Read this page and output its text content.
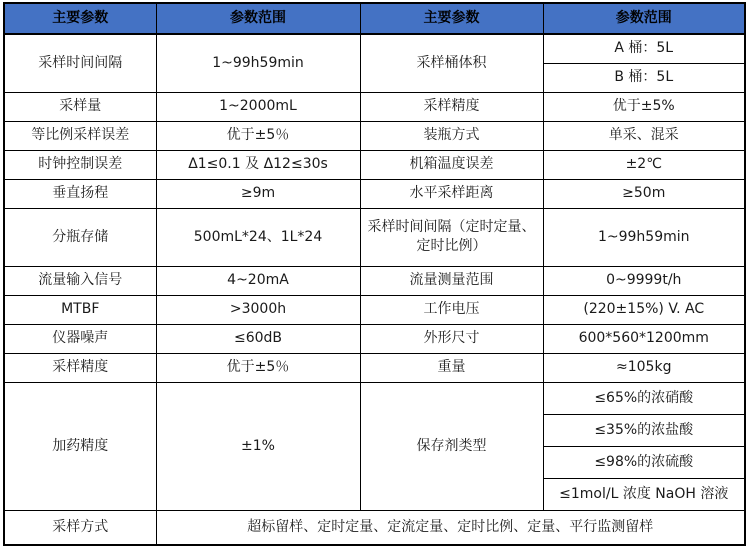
主要参数	参数范围	主要参数	参数范围
采样时间间隔	1~99h59min	采样桶体积	A 桶：5L
			B 桶：5L
采样量	1~2000mL	采样精度	优于±5%
等比例采样误差	优于±5％	装瓶方式	单采、混采
时钟控制误差	Δ1≤0.1 及 Δ12≤30s	机箱温度误差	±2℃
垂直扬程	≥9m	水平采样距离	≥50m
分瓶存储	500mL*24、1L*24	采样时间间隔（定时定量、定时比例）	1~99h59min
流量输入信号	4~20mA	流量测量范围	0~9999t/h
MTBF	>3000h	工作电压	(220±15%) V. AC
仪器噪声	≤60dB	外形尺寸	600*560*1200mm
采样精度	优于±5％	重量	≈105kg
加药精度	±1%	保存剂类型	≤65%的浓硝酸
			≤35%的浓盐酸
			≤98%的浓硫酸
			≤1mol/L 浓度 NaOH 溶液
采样方式	超标留样、定时定量、定流定量、定时比例、定量、平行监测留样		
